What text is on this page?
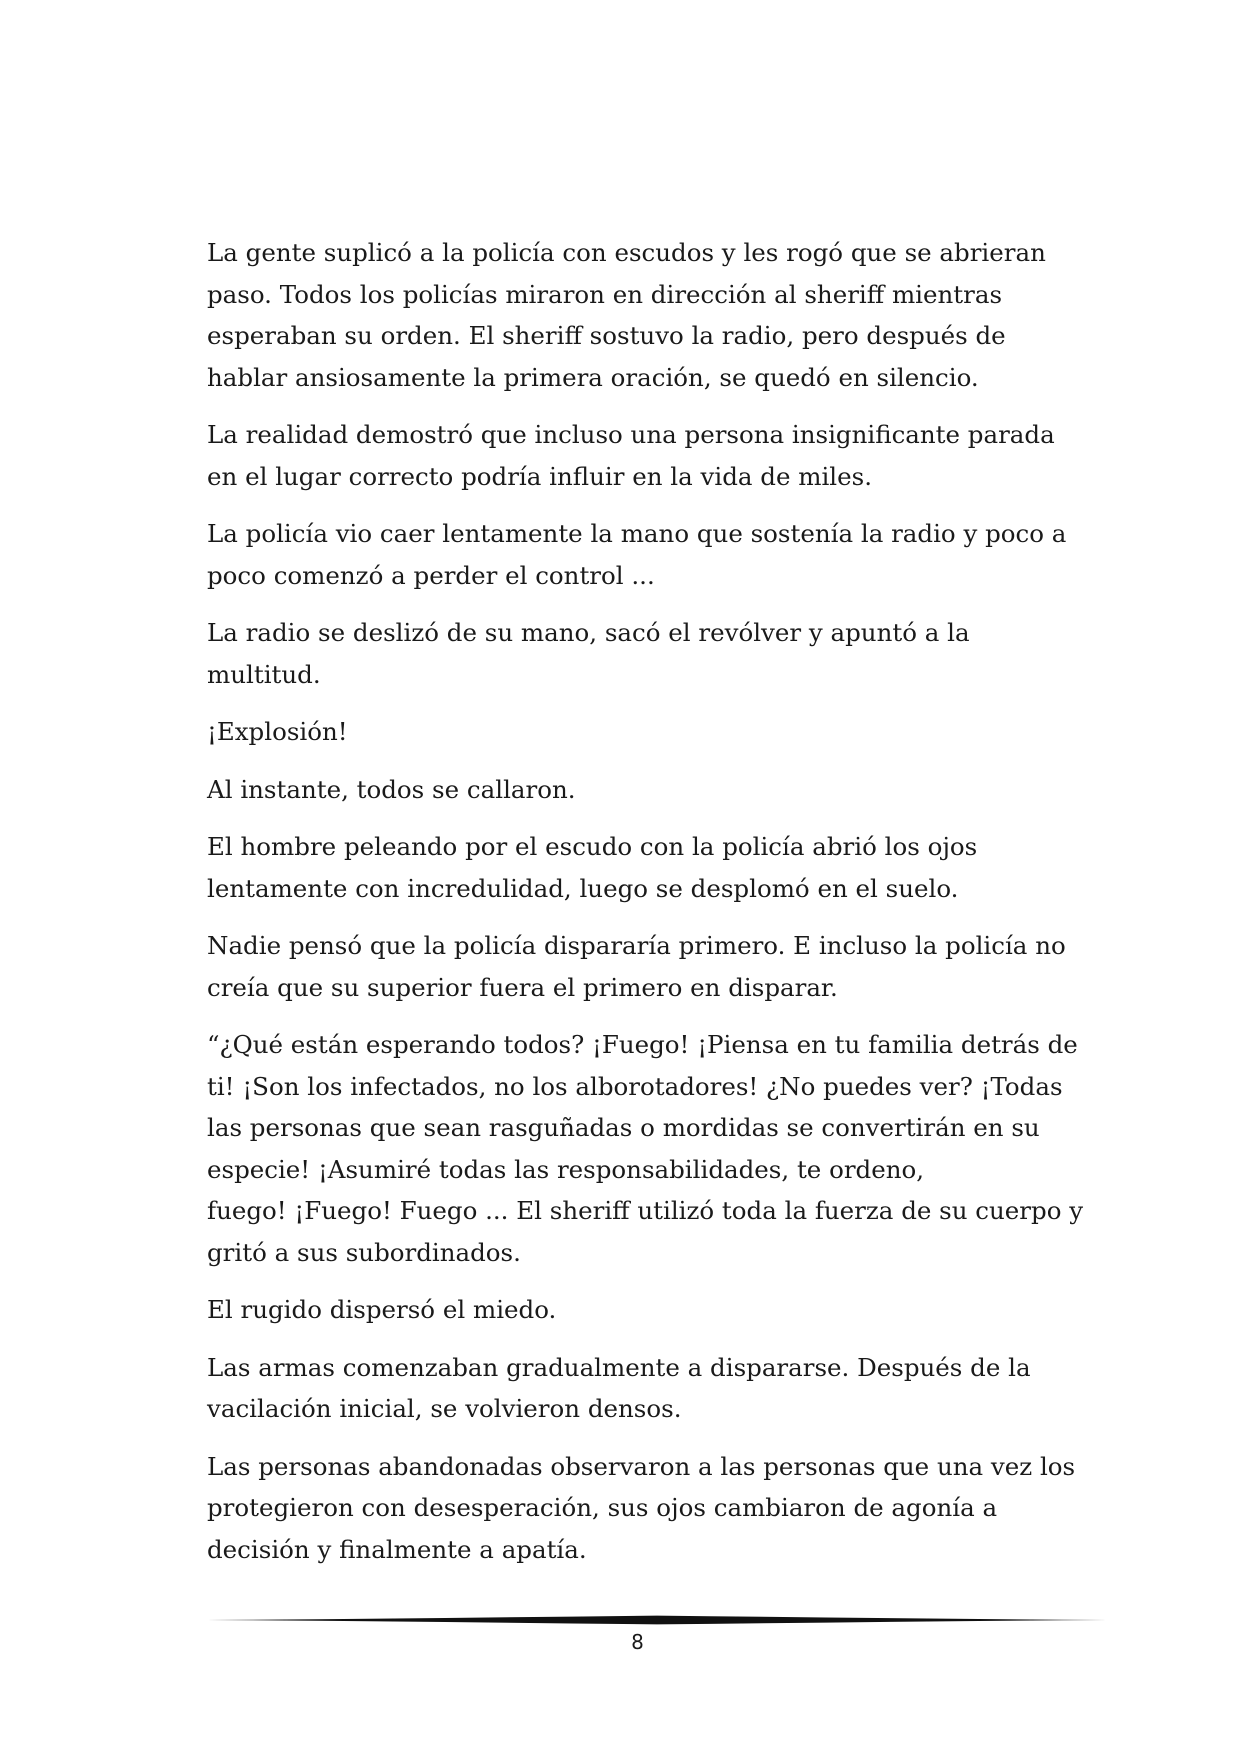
La gente suplicó a la policía con escudos y les rogó que se abrieran paso. Todos los policías miraron en dirección al sheriff mientras esperaban su orden. El sheriff sostuvo la radio, pero después de hablar ansiosamente la primera oración, se quedó en silencio.

La realidad demostró que incluso una persona insignificante parada en el lugar correcto podría influir en la vida de miles.

La policía vio caer lentamente la mano que sostenía la radio y poco a poco comenzó a perder el control ...

La radio se deslizó de su mano, sacó el revólver y apuntó a la multitud.

¡Explosión!

Al instante, todos se callaron.

El hombre peleando por el escudo con la policía abrió los ojos lentamente con incredulidad, luego se desplomó en el suelo.

Nadie pensó que la policía dispararía primero. E incluso la policía no creía que su superior fuera el primero en disparar.

“¿Qué están esperando todos? ¡Fuego! ¡Piensa en tu familia detrás de ti! ¡Son los infectados, no los alborotadores! ¿No puedes ver? ¡Todas las personas que sean rasguñadas o mordidas se convertirán en su especie! ¡Asumiré todas las responsabilidades, te ordeno,
fuego! ¡Fuego! Fuego ... El sheriff utilizó toda la fuerza de su cuerpo y gritó a sus subordinados.

El rugido dispersó el miedo.

Las armas comenzaban gradualmente a dispararse. Después de la vacilación inicial, se volvieron densos.

Las personas abandonadas observaron a las personas que una vez los protegieron con desesperación, sus ojos cambiaron de agonía a decisión y finalmente a apatía.

8
